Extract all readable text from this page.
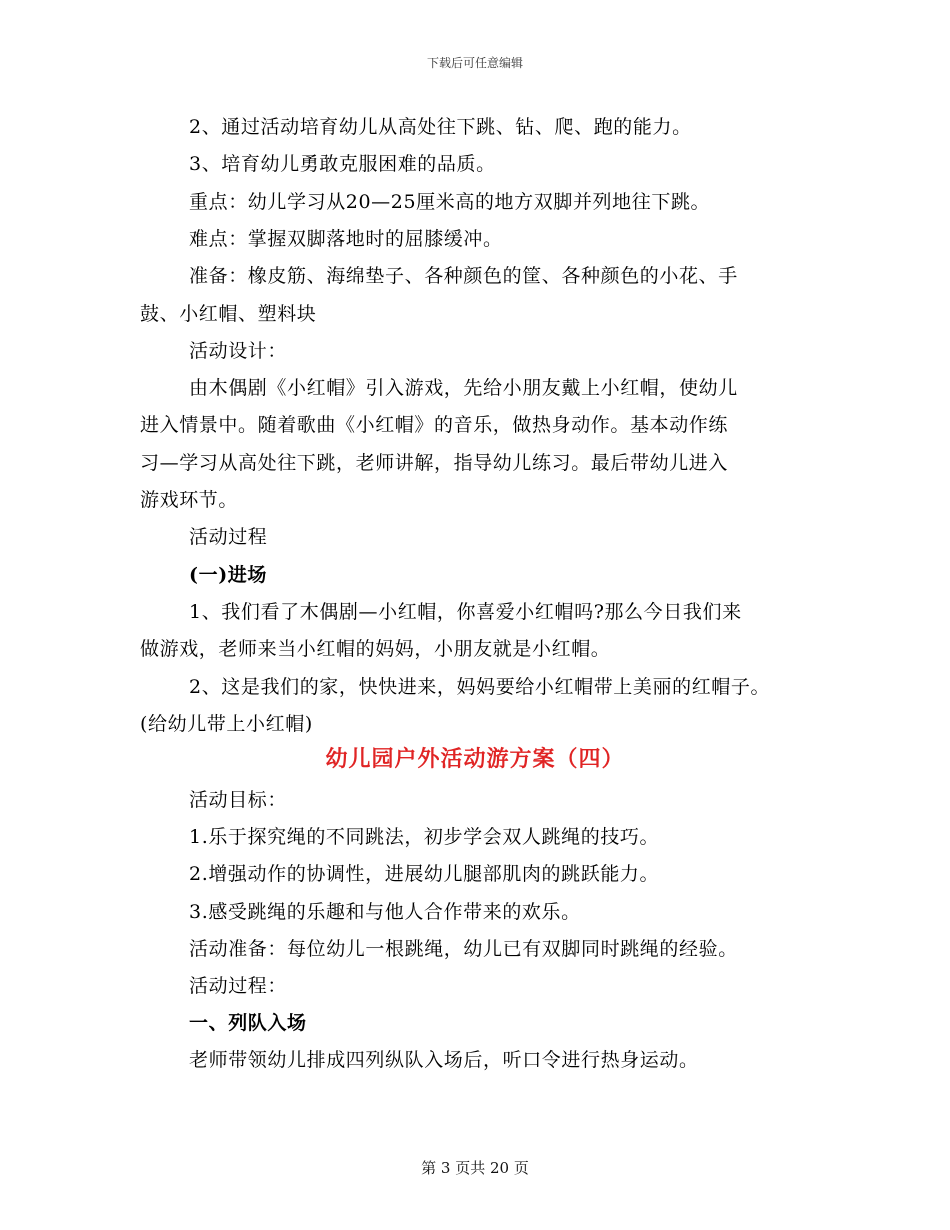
下载后可任意编辑
2、通过活动培育幼儿从高处往下跳、钻、爬、跑的能力。
3、培育幼儿勇敢克服困难的品质。
重点：幼儿学习从20—25厘米高的地方双脚并列地往下跳。
难点：掌握双脚落地时的屈膝缓冲。
准备：橡皮筋、海绵垫子、各种颜色的筐、各种颜色的小花、手
鼓、小红帽、塑料块
活动设计：
由木偶剧《小红帽》引入游戏，先给小朋友戴上小红帽，使幼儿
进入情景中。随着歌曲《小红帽》的音乐，做热身动作。基本动作练
习—学习从高处往下跳，老师讲解，指导幼儿练习。最后带幼儿进入
游戏环节。
活动过程
(一)进场
1、我们看了木偶剧—小红帽，你喜爱小红帽吗?那么今日我们来
做游戏，老师来当小红帽的妈妈，小朋友就是小红帽。
2、这是我们的家，快快进来，妈妈要给小红帽带上美丽的红帽子。
(给幼儿带上小红帽)
幼儿园户外活动游方案（四）
活动目标：
1.乐于探究绳的不同跳法，初步学会双人跳绳的技巧。
2.增强动作的协调性，进展幼儿腿部肌肉的跳跃能力。
3.感受跳绳的乐趣和与他人合作带来的欢乐。
活动准备：每位幼儿一根跳绳，幼儿已有双脚同时跳绳的经验。
活动过程：
一、列队入场
老师带领幼儿排成四列纵队入场后，听口令进行热身运动。
第 3 页共 20 页
